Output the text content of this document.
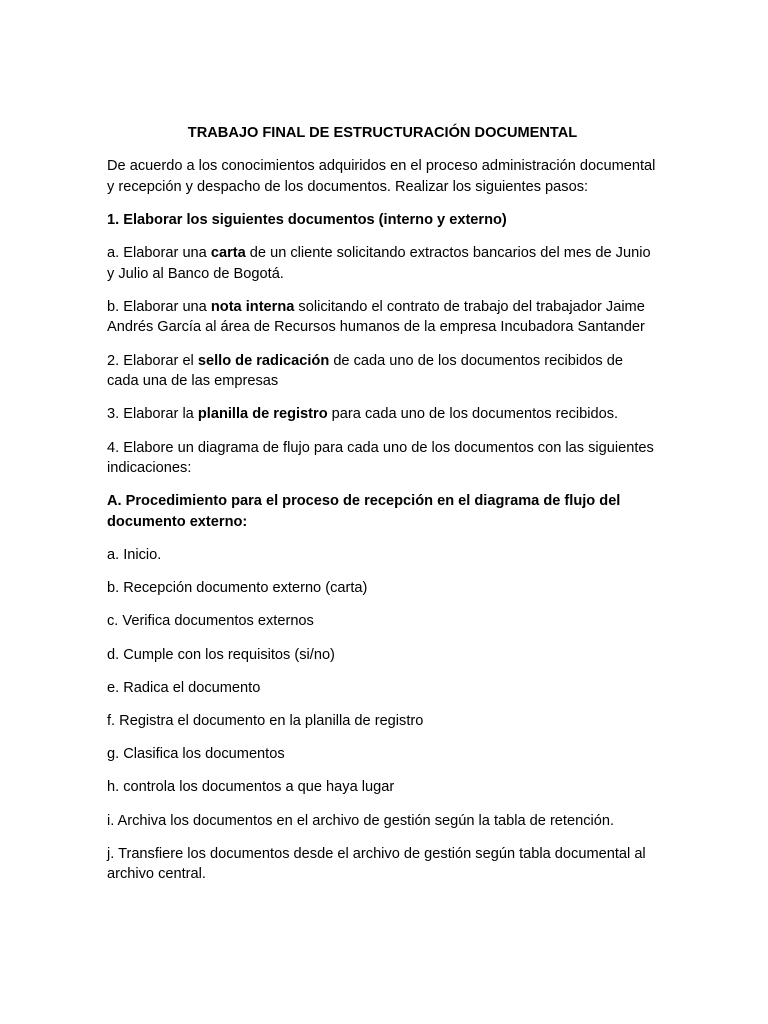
TRABAJO FINAL DE ESTRUCTURACIÓN DOCUMENTAL

De acuerdo a los conocimientos adquiridos en el proceso administración documental y recepción y despacho de los documentos. Realizar los siguientes pasos:

1. Elaborar los siguientes documentos (interno y externo)

a. Elaborar una carta de un cliente solicitando extractos bancarios del mes de Junio y Julio al Banco de Bogotá.

b. Elaborar una nota interna solicitando el contrato de trabajo del trabajador Jaime Andrés García al área de Recursos humanos de la empresa Incubadora Santander

2. Elaborar el sello de radicación de cada uno de los documentos recibidos de cada una de las empresas

3. Elaborar la planilla de registro para cada uno de los documentos recibidos.

4. Elabore un diagrama de flujo para cada uno de los documentos con las siguientes indicaciones:

A. Procedimiento para el proceso de recepción en el diagrama de flujo del documento externo:

a. Inicio.

b. Recepción documento externo (carta)

c. Verifica documentos externos

d. Cumple con los requisitos (si/no)

e. Radica el documento

f. Registra el documento en la planilla de registro

g. Clasifica los documentos

h. controla los documentos a que haya lugar

i. Archiva los documentos en el archivo de gestión según la tabla de retención.

j. Transfiere los documentos desde el archivo de gestión según tabla documental al archivo central.
